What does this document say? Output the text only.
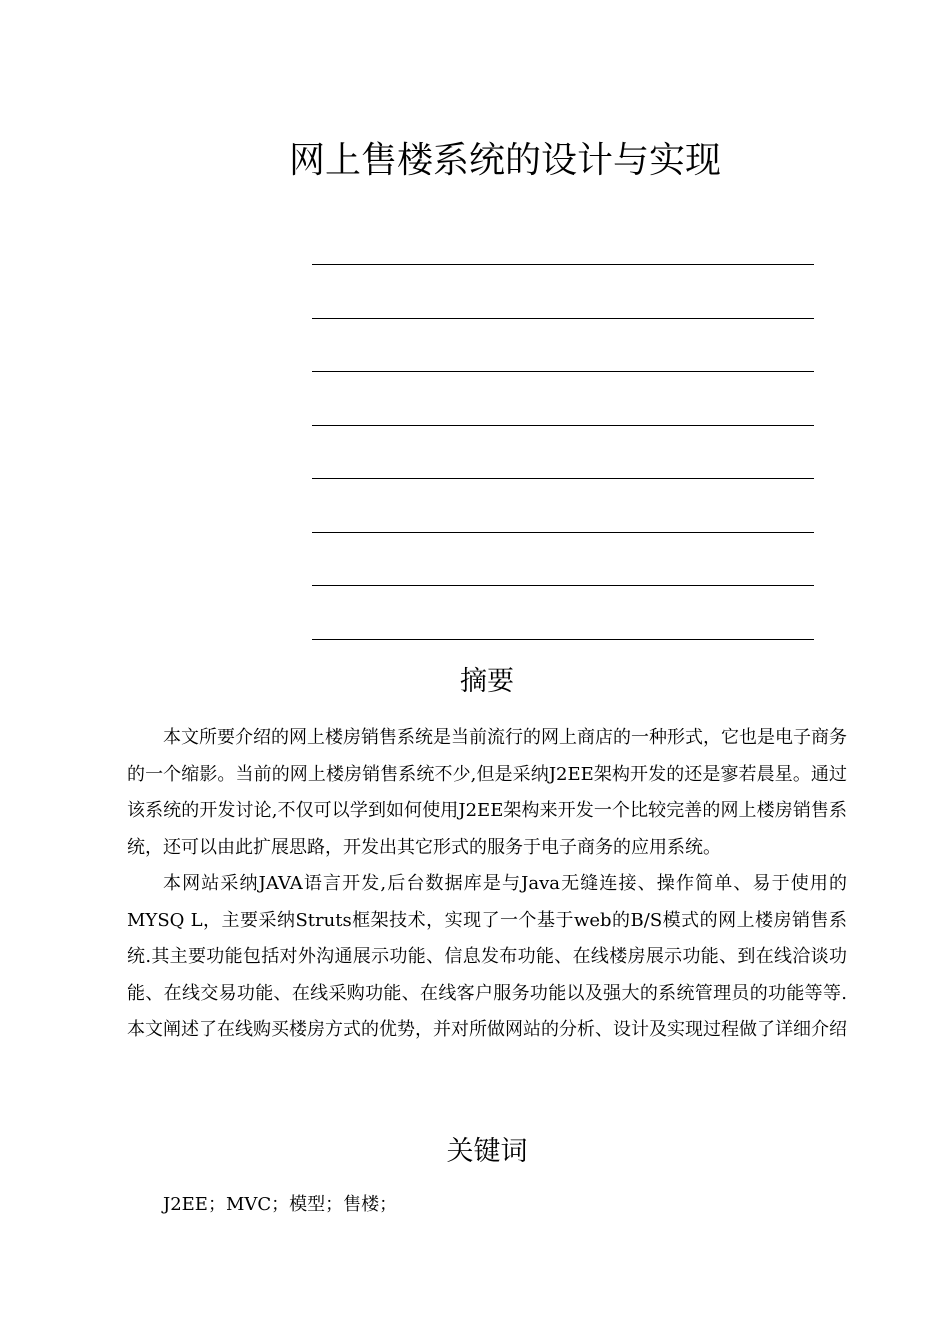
网上售楼系统的设计与实现
摘要

本文所要介绍的网上楼房销售系统是当前流行的网上商店的一种形式，它也是电子商务的一个缩影。当前的网上楼房销售系统不少,但是采纳J2EE架构开发的还是寥若晨星。通过该系统的开发讨论,不仅可以学到如何使用J2EE架构来开发一个比较完善的网上楼房销售系统，还可以由此扩展思路，开发出其它形式的服务于电子商务的应用系统。

本网站采纳JAVA语言开发,后台数据库是与Java无缝连接、操作简单、易于使用的MYSQ L，主要采纳Struts框架技术，实现了一个基于web的B/S模式的网上楼房销售系统.其主要功能包括对外沟通展示功能、信息发布功能、在线楼房展示功能、到在线洽谈功能、在线交易功能、在线采购功能、在线客户服务功能以及强大的系统管理员的功能等等.本文阐述了在线购买楼房方式的优势，并对所做网站的分析、设计及实现过程做了详细介绍

关键词

J2EE；MVC；模型；售楼；
